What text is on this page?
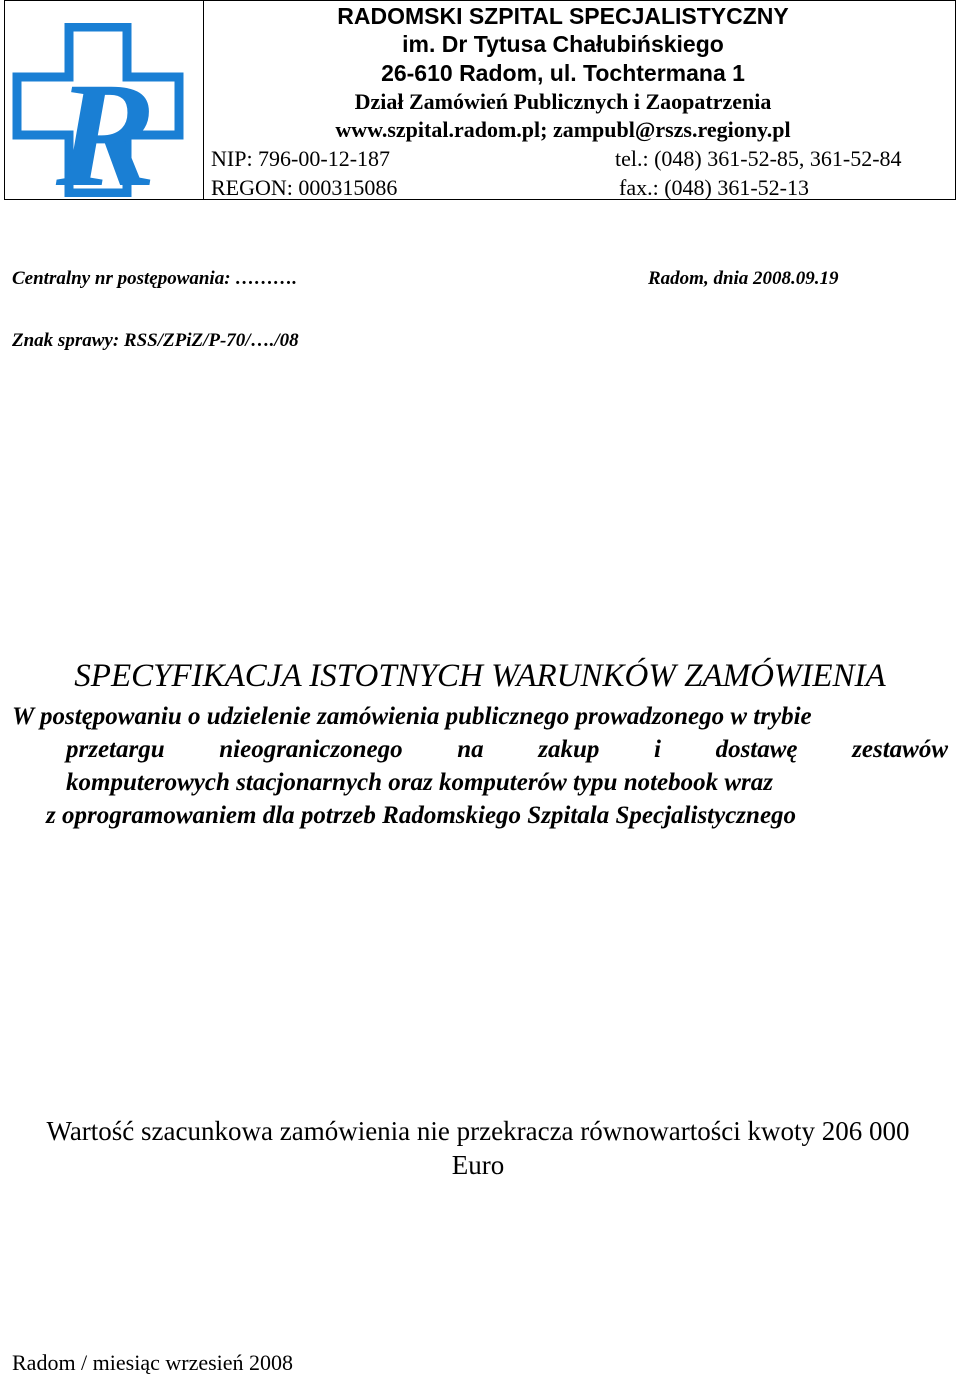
R
RADOMSKI SZPITAL SPECJALISTYCZNY
im. Dr Tytusa Chałubińskiego
26-610 Radom, ul. Tochtermana 1
Dział Zamówień Publicznych i Zaopatrzenia
www.szpital.radom.pl; zampubl@rszs.regiony.pl
NIP: 796-00-12-187	tel.: (048) 361-52-85, 361-52-84
REGON: 000315086	fax.: (048) 361-52-13
Centralny nr postępowania: ……….	Radom, dnia 2008.09.19
Znak sprawy: RSS/ZPiZ/P-70/…./08
SPECYFIKACJA ISTOTNYCH WARUNKÓW ZAMÓWIENIA
W postępowaniu o udzielenie zamówienia publicznego prowadzonego w trybie
przetargu nieograniczonego na zakup i dostawę zestawów
komputerowych stacjonarnych oraz komputerów typu notebook wraz
z oprogramowaniem dla potrzeb Radomskiego Szpitala Specjalistycznego
Wartość szacunkowa zamówienia nie przekracza równowartości kwoty 206 000
Euro
Radom / miesiąc wrzesień 2008
